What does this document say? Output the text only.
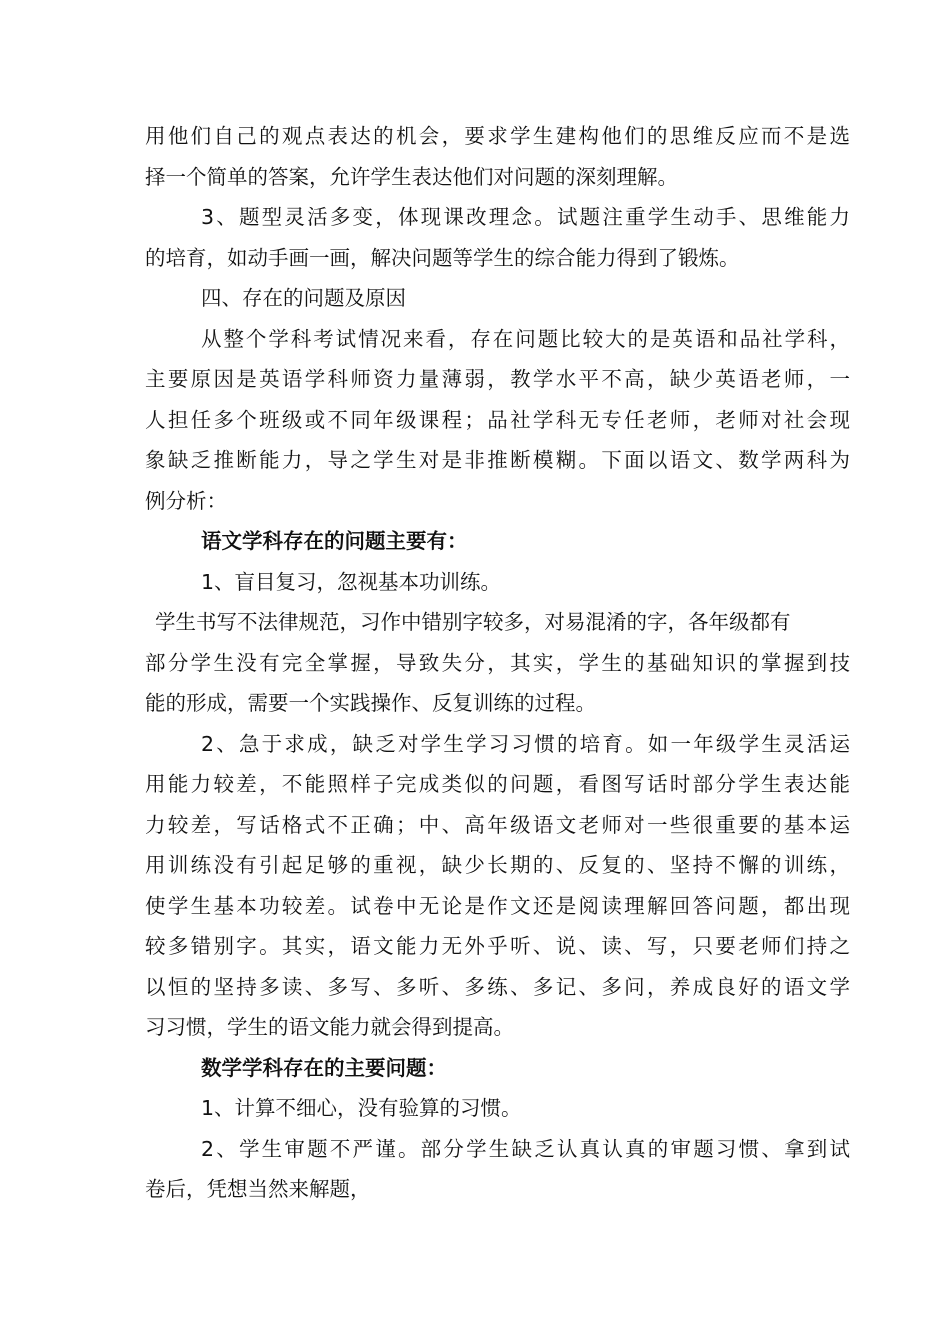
用他们自己的观点表达的机会，要求学生建构他们的思维反应而不是选
择一个简单的答案，允许学生表达他们对问题的深刻理解。
3、题型灵活多变，体现课改理念。试题注重学生动手、思维能力
的培育，如动手画一画，解决问题等学生的综合能力得到了锻炼。
四、存在的问题及原因
从整个学科考试情况来看，存在问题比较大的是英语和品社学科，
主要原因是英语学科师资力量薄弱，教学水平不高，缺少英语老师，一
人担任多个班级或不同年级课程；品社学科无专任老师，老师对社会现
象缺乏推断能力，导之学生对是非推断模糊。下面以语文、数学两科为
例分析：
语文学科存在的问题主要有：
1、盲目复习，忽视基本功训练。
学生书写不法律规范，习作中错别字较多，对易混淆的字，各年级都有
部分学生没有完全掌握，导致失分，其实，学生的基础知识的掌握到技
能的形成，需要一个实践操作、反复训练的过程。
2、急于求成，缺乏对学生学习习惯的培育。如一年级学生灵活运
用能力较差，不能照样子完成类似的问题，看图写话时部分学生表达能
力较差，写话格式不正确；中、高年级语文老师对一些很重要的基本运
用训练没有引起足够的重视，缺少长期的、反复的、坚持不懈的训练，
使学生基本功较差。试卷中无论是作文还是阅读理解回答问题，都出现
较多错别字。其实，语文能力无外乎听、说、读、写，只要老师们持之
以恒的坚持多读、多写、多听、多练、多记、多问，养成良好的语文学
习习惯，学生的语文能力就会得到提高。
数学学科存在的主要问题：
1、计算不细心，没有验算的习惯。
2、学生审题不严谨。部分学生缺乏认真认真的审题习惯、拿到试
卷后，凭想当然来解题，
